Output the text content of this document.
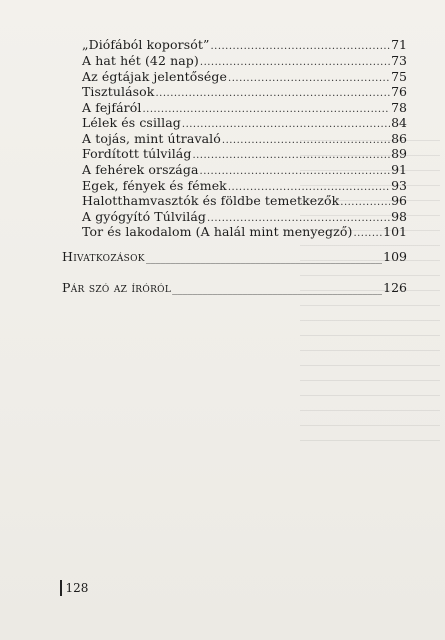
„Diófából koporsót” .....	71
A hat hét (42 nap) .....	73
Az égtájak jelentősége .....	75
Tisztulások .....	76
A fejfáról .....	78
Lélek és csillag .....	84
A tojás, mint útravaló .....	86
Fordított túlvilág .....	89
A fehérek országa .....	91
Egek, fények és fémek .....	93
Halotthamvasztók és földbe temetkezők .....	96
A gyógyító Túlvilág .....	98
Tor és lakodalom (A halál mint menyegző) ..... 101
Hivatkozások _____	109
Pár szó az íróról _____	126
128
